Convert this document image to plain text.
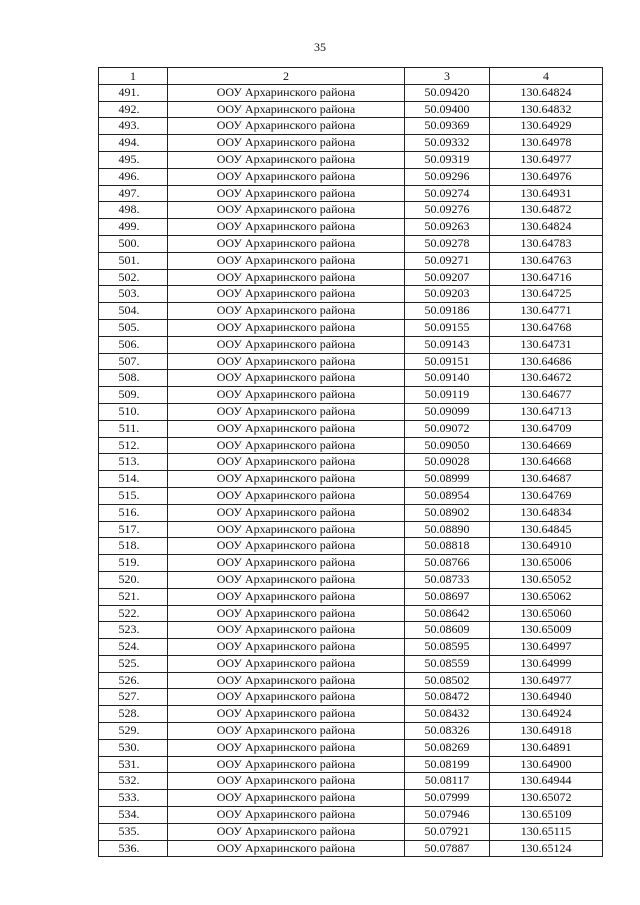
35
1	2	3	4
491.	ООУ Архаринского района	50.09420	130.64824
492.	ООУ Архаринского района	50.09400	130.64832
493.	ООУ Архаринского района	50.09369	130.64929
494.	ООУ Архаринского района	50.09332	130.64978
495.	ООУ Архаринского района	50.09319	130.64977
496.	ООУ Архаринского района	50.09296	130.64976
497.	ООУ Архаринского района	50.09274	130.64931
498.	ООУ Архаринского района	50.09276	130.64872
499.	ООУ Архаринского района	50.09263	130.64824
500.	ООУ Архаринского района	50.09278	130.64783
501.	ООУ Архаринского района	50.09271	130.64763
502.	ООУ Архаринского района	50.09207	130.64716
503.	ООУ Архаринского района	50.09203	130.64725
504.	ООУ Архаринского района	50.09186	130.64771
505.	ООУ Архаринского района	50.09155	130.64768
506.	ООУ Архаринского района	50.09143	130.64731
507.	ООУ Архаринского района	50.09151	130.64686
508.	ООУ Архаринского района	50.09140	130.64672
509.	ООУ Архаринского района	50.09119	130.64677
510.	ООУ Архаринского района	50.09099	130.64713
511.	ООУ Архаринского района	50.09072	130.64709
512.	ООУ Архаринского района	50.09050	130.64669
513.	ООУ Архаринского района	50.09028	130.64668
514.	ООУ Архаринского района	50.08999	130.64687
515.	ООУ Архаринского района	50.08954	130.64769
516.	ООУ Архаринского района	50.08902	130.64834
517.	ООУ Архаринского района	50.08890	130.64845
518.	ООУ Архаринского района	50.08818	130.64910
519.	ООУ Архаринского района	50.08766	130.65006
520.	ООУ Архаринского района	50.08733	130.65052
521.	ООУ Архаринского района	50.08697	130.65062
522.	ООУ Архаринского района	50.08642	130.65060
523.	ООУ Архаринского района	50.08609	130.65009
524.	ООУ Архаринского района	50.08595	130.64997
525.	ООУ Архаринского района	50.08559	130.64999
526.	ООУ Архаринского района	50.08502	130.64977
527.	ООУ Архаринского района	50.08472	130.64940
528.	ООУ Архаринского района	50.08432	130.64924
529.	ООУ Архаринского района	50.08326	130.64918
530.	ООУ Архаринского района	50.08269	130.64891
531.	ООУ Архаринского района	50.08199	130.64900
532.	ООУ Архаринского района	50.08117	130.64944
533.	ООУ Архаринского района	50.07999	130.65072
534.	ООУ Архаринского района	50.07946	130.65109
535.	ООУ Архаринского района	50.07921	130.65115
536.	ООУ Архаринского района	50.07887	130.65124
